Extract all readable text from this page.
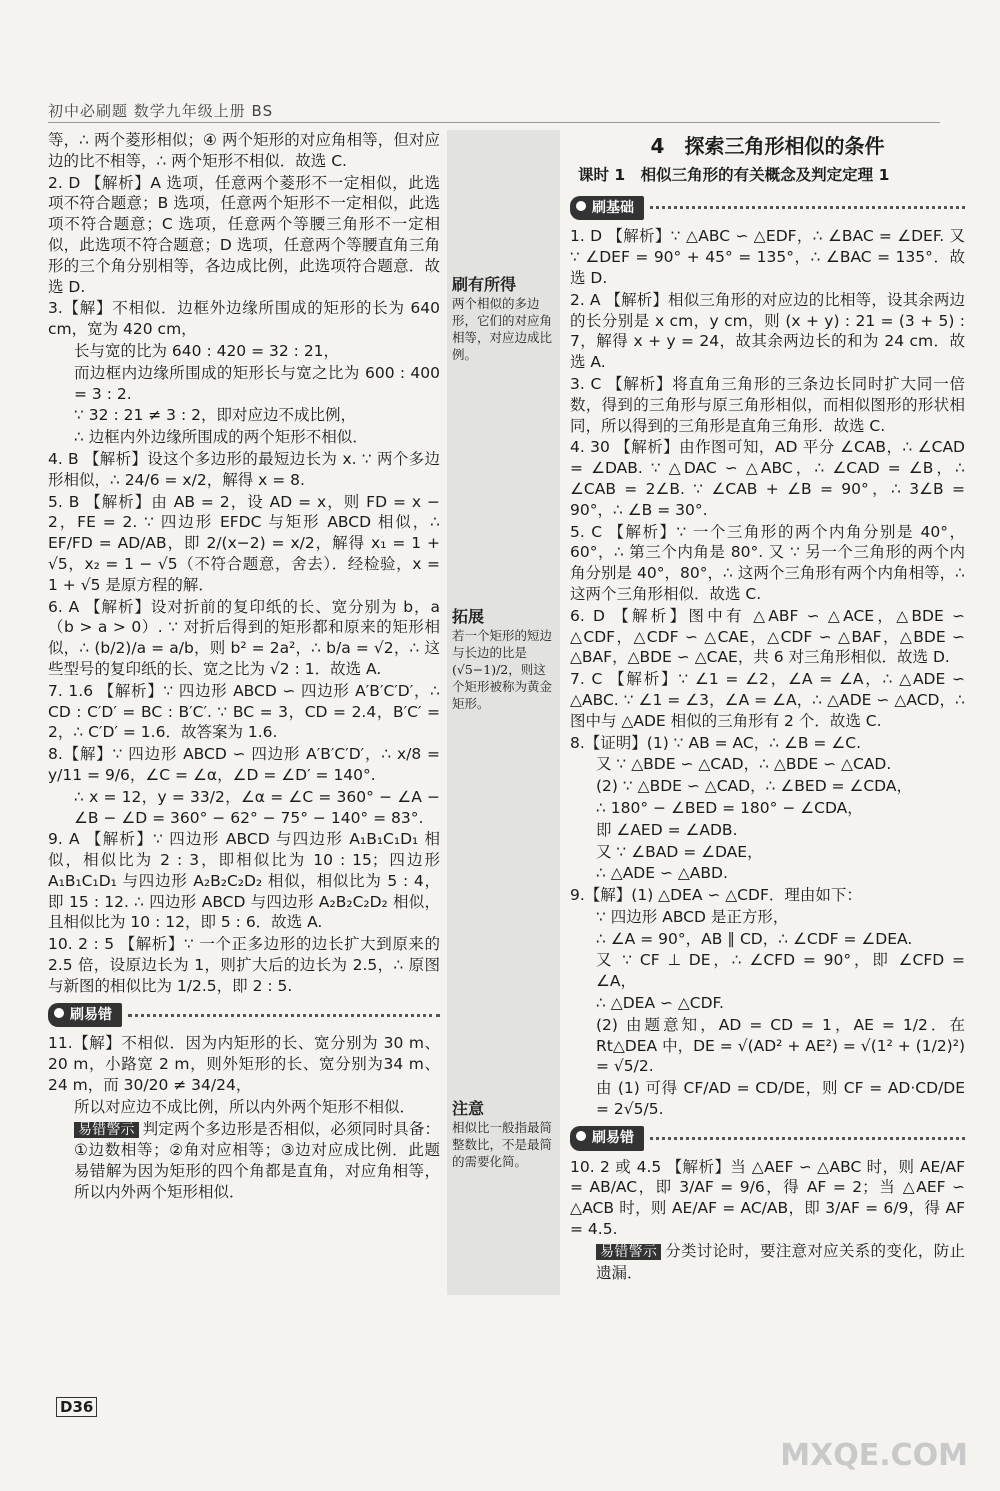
初中必刷题 数学九年级上册 BS
刷有所得
两个相似的多边形，它们的对应角相等，对应边成比例。
拓展
若一个矩形的短边与长边的比是 (√5−1)/2，则这个矩形被称为黄金矩形。
注意
相似比一般指最简整数比，不是最简的需要化简。

等，∴ 两个菱形相似；④ 两个矩形的对应角相等，但对应边的比不相等，∴ 两个矩形不相似．故选 C.

2. D 【解析】A 选项，任意两个菱形不一定相似，此选项不符合题意；B 选项，任意两个矩形不一定相似，此选项不符合题意；C 选项，任意两个等腰三角形不一定相似，此选项不符合题意；D 选项，任意两个等腰直角三角形的三个角分别相等，各边成比例，此选项符合题意．故选 D.

3.【解】不相似．边框外边缘所围成的矩形的长为 640 cm，宽为 420 cm，

长与宽的比为 640 : 420 = 32 : 21，

而边框内边缘所围成的矩形长与宽之比为 600 : 400 = 3 : 2.

∵ 32 : 21 ≠ 3 : 2，即对应边不成比例，

∴ 边框内外边缘所围成的两个矩形不相似．

4. B 【解析】设这个多边形的最短边长为 x. ∵ 两个多边形相似，∴ 24/6 = x/2，解得 x = 8.

5. B 【解析】由 AB = 2，设 AD = x，则 FD = x − 2，FE = 2. ∵ 四边形 EFDC 与矩形 ABCD 相似，∴ EF/FD = AD/AB，即 2/(x−2) = x/2，解得 x₁ = 1 + √5，x₂ = 1 − √5（不符合题意，舍去）．经检验，x = 1 + √5 是原方程的解．

6. A 【解析】设对折前的复印纸的长、宽分别为 b，a（b > a > 0）. ∵ 对折后得到的矩形都和原来的矩形相似，∴ (b/2)/a = a/b，则 b² = 2a²，∴ b/a = √2，∴ 这些型号的复印纸的长、宽之比为 √2 : 1．故选 A.

7. 1.6 【解析】∵ 四边形 ABCD ∽ 四边形 A′B′C′D′，∴ CD : C′D′ = BC : B′C′. ∵ BC = 3，CD = 2.4，B′C′ = 2，∴ C′D′ = 1.6．故答案为 1.6.

8.【解】∵ 四边形 ABCD ∽ 四边形 A′B′C′D′，∴ x/8 = y/11 = 9/6，∠C = ∠α，∠D = ∠D′ = 140°.

∴ x = 12，y = 33/2，∠α = ∠C = 360° − ∠A − ∠B − ∠D = 360° − 62° − 75° − 140° = 83°.

9. A 【解析】∵ 四边形 ABCD 与四边形 A₁B₁C₁D₁ 相似，相似比为 2 : 3，即相似比为 10 : 15；四边形 A₁B₁C₁D₁ 与四边形 A₂B₂C₂D₂ 相似，相似比为 5 : 4，即 15 : 12. ∴ 四边形 ABCD 与四边形 A₂B₂C₂D₂ 相似，且相似比为 10 : 12，即 5 : 6．故选 A.

10. 2 : 5 【解析】∵ 一个正多边形的边长扩大到原来的 2.5 倍，设原边长为 1，则扩大后的边长为 2.5，∴ 原图与新图的相似比为 1/2.5，即 2 : 5.

刷易错

11.【解】不相似．因为内矩形的长、宽分别为 30 m、20 m，小路宽 2 m，则外矩形的长、宽分别为34 m、24 m，而 30/20 ≠ 34/24，

所以对应边不成比例，所以内外两个矩形不相似．

易错警示 判定两个多边形是否相似，必须同时具备：①边数相等；②角对应相等；③边对应成比例．此题易错解为因为矩形的四个角都是直角，对应角相等，所以内外两个矩形相似．

4　探索三角形相似的条件
课时 1　相似三角形的有关概念及判定定理 1
刷基础

1. D 【解析】∵ △ABC ∽ △EDF，∴ ∠BAC = ∠DEF. 又 ∵ ∠DEF = 90° + 45° = 135°，∴ ∠BAC = 135°．故选 D.

2. A 【解析】相似三角形的对应边的比相等，设其余两边的长分别是 x cm，y cm，则 (x + y) : 21 = (3 + 5) : 7，解得 x + y = 24，故其余两边长的和为 24 cm．故选 A.

3. C 【解析】将直角三角形的三条边长同时扩大同一倍数，得到的三角形与原三角形相似，而相似图形的形状相同，所以得到的三角形是直角三角形．故选 C.

4. 30 【解析】由作图可知，AD 平分 ∠CAB，∴ ∠CAD = ∠DAB. ∵ △DAC ∽ △ABC，∴ ∠CAD = ∠B，∴ ∠CAB = 2∠B. ∵ ∠CAB + ∠B = 90°，∴ 3∠B = 90°，∴ ∠B = 30°.

5. C 【解析】∵ 一个三角形的两个内角分别是 40°，60°，∴ 第三个内角是 80°. 又 ∵ 另一个三角形的两个内角分别是 40°，80°，∴ 这两个三角形有两个内角相等，∴ 这两个三角形相似．故选 C.

6. D 【解析】图中有 △ABF ∽ △ACE，△BDE ∽ △CDF，△CDF ∽ △CAE，△CDF ∽ △BAF，△BDE ∽ △BAF，△BDE ∽ △CAE，共 6 对三角形相似．故选 D.

7. C 【解析】∵ ∠1 = ∠2，∠A = ∠A，∴ △ADE ∽ △ABC. ∵ ∠1 = ∠3，∠A = ∠A，∴ △ADE ∽ △ACD，∴ 图中与 △ADE 相似的三角形有 2 个．故选 C.

8.【证明】(1) ∵ AB = AC，∴ ∠B = ∠C.

又 ∵ △BDE ∽ △CAD，∴ △BDE ∽ △CAD.

(2) ∵ △BDE ∽ △CAD，∴ ∠BED = ∠CDA，

∴ 180° − ∠BED = 180° − ∠CDA，

即 ∠AED = ∠ADB.

又 ∵ ∠BAD = ∠DAE，

∴ △ADE ∽ △ABD.

9.【解】(1) △DEA ∽ △CDF．理由如下：

∵ 四边形 ABCD 是正方形，

∴ ∠A = 90°，AB ∥ CD，∴ ∠CDF = ∠DEA.

又 ∵ CF ⊥ DE，∴ ∠CFD = 90°，即 ∠CFD = ∠A，

∴ △DEA ∽ △CDF.

(2) 由题意知，AD = CD = 1，AE = 1/2．在 Rt△DEA 中，DE = √(AD² + AE²) = √(1² + (1/2)²) = √5/2.

由 (1) 可得 CF/AD = CD/DE，则 CF = AD·CD/DE = 2√5/5.

刷易错

10. 2 或 4.5 【解析】当 △AEF ∽ △ABC 时，则 AE/AF = AB/AC，即 3/AF = 9/6，得 AF = 2；当 △AEF ∽ △ACB 时，则 AE/AF = AC/AB，即 3/AF = 6/9，得 AF = 4.5.

易错警示 分类讨论时，要注意对应关系的变化，防止遗漏．

D36
MXQE.COM
